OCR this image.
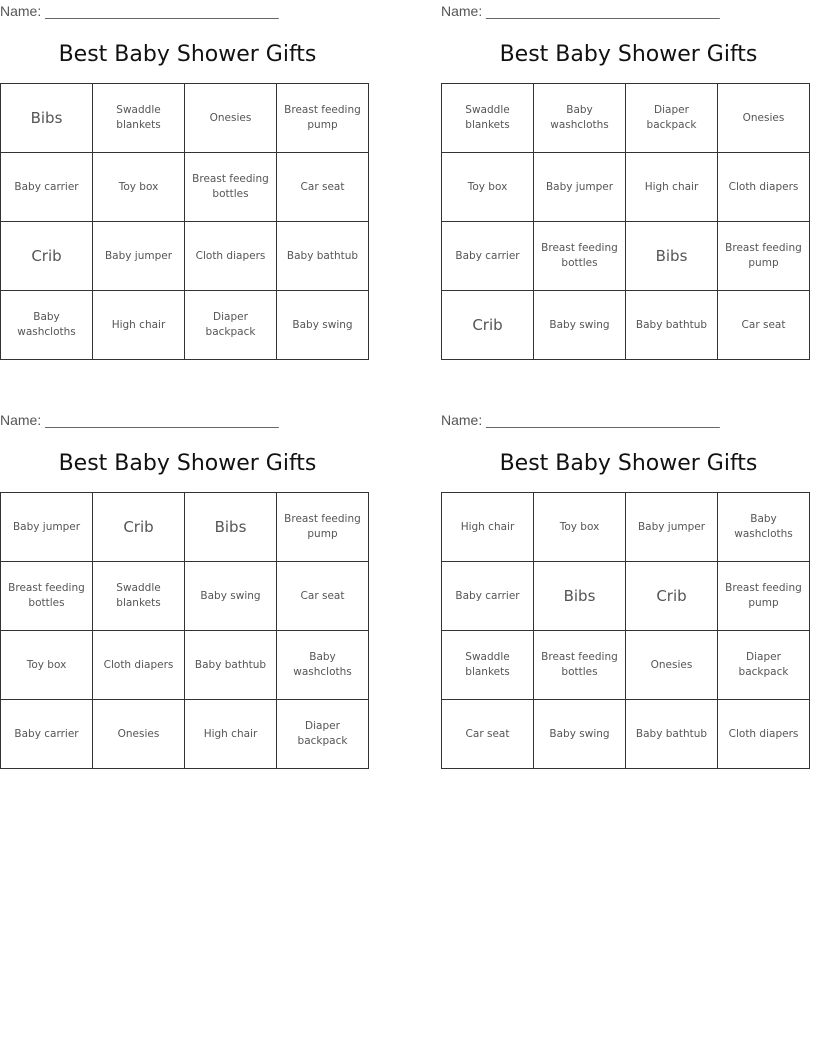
Name: ______________________________
Best Baby Shower Gifts
Bibs	Swaddle blankets	Onesies	Breast feeding pump
Baby carrier	Toy box	Breast feeding bottles	Car seat
Crib	Baby jumper	Cloth diapers	Baby bathtub
Baby washcloths	High chair	Diaper backpack	Baby swing
Name: ______________________________
Best Baby Shower Gifts
Swaddle blankets	Baby washcloths	Diaper backpack	Onesies
Toy box	Baby jumper	High chair	Cloth diapers
Baby carrier	Breast feeding bottles	Bibs	Breast feeding pump
Crib	Baby swing	Baby bathtub	Car seat
Name: ______________________________
Best Baby Shower Gifts
Baby jumper	Crib	Bibs	Breast feeding pump
Breast feeding bottles	Swaddle blankets	Baby swing	Car seat
Toy box	Cloth diapers	Baby bathtub	Baby washcloths
Baby carrier	Onesies	High chair	Diaper backpack
Name: ______________________________
Best Baby Shower Gifts
High chair	Toy box	Baby jumper	Baby washcloths
Baby carrier	Bibs	Crib	Breast feeding pump
Swaddle blankets	Breast feeding bottles	Onesies	Diaper backpack
Car seat	Baby swing	Baby bathtub	Cloth diapers
